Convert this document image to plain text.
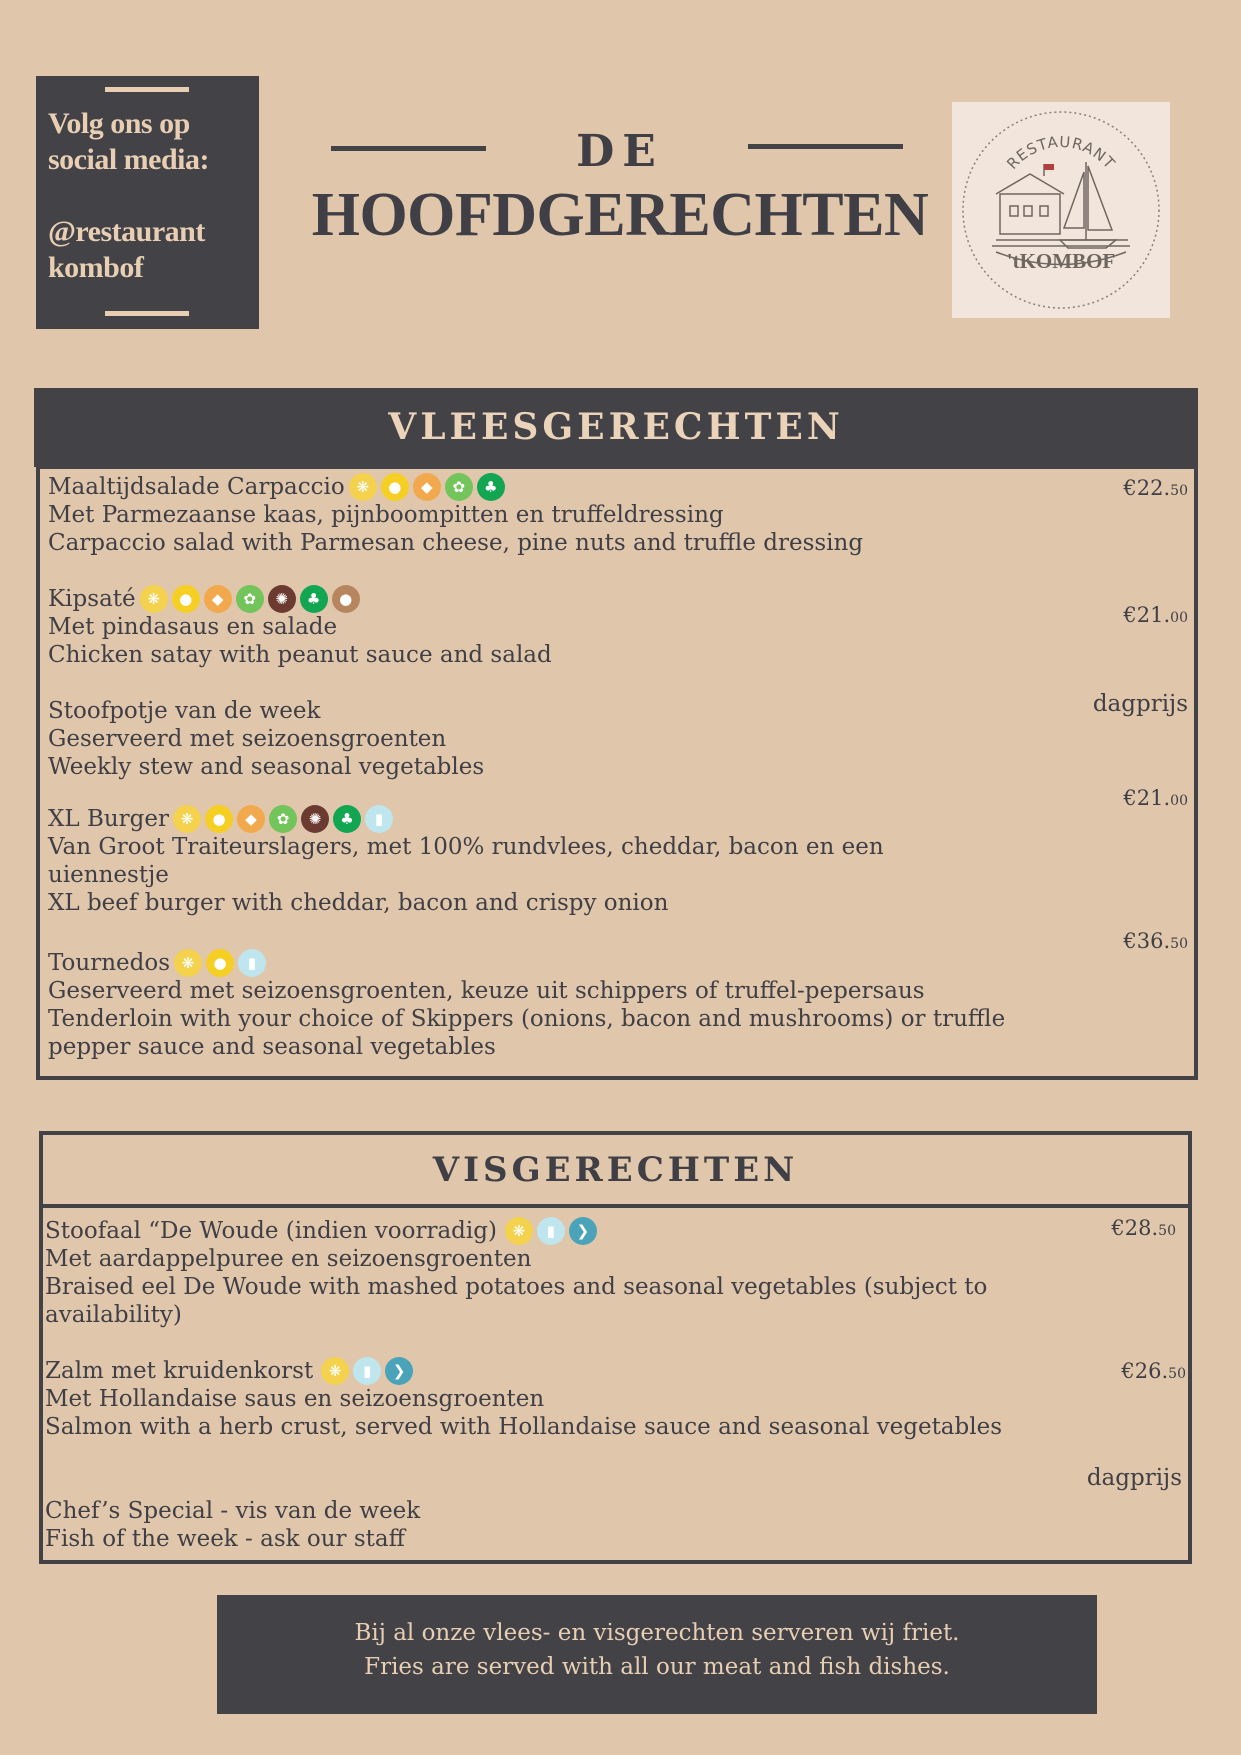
Volg ons op
social media:
@restaurant
kombof
DE
HOOFDGERECHTEN
RESTAURANT
'tKOMBOF
VLEESGERECHTEN
Maaltijdsalade Carpaccio ❋	●	◆	✿	♣
Met Parmezaanse kaas, pijnboompitten en truffeldressing
Carpaccio salad with Parmesan cheese, pine nuts and truffle dressing
€22.50
Kipsaté ❋	●	◆	✿	✺	♣	●
Met pindasaus en salade
Chicken satay with peanut sauce and salad
€21.00
Stoofpotje van de week
Geserveerd met seizoensgroenten
Weekly stew and seasonal vegetables
dagprijs
XL Burger ❋	●	◆	✿	✺	♣	▮
Van Groot Traiteurslagers, met 100% rundvlees, cheddar, bacon en een uiennestje
XL beef burger with cheddar, bacon and crispy onion
€21.00
Tournedos ❋	●	▮
Geserveerd met seizoensgroenten, keuze uit schippers of truffel-pepersaus
Tenderloin with your choice of Skippers (onions, bacon and mushrooms) or truffle pepper sauce and seasonal vegetables
€36.50
VISGERECHTEN
Stoofaal “De Woude (indien voorradig)	❋	▮	❯
Met aardappelpuree en seizoensgroenten
Braised eel De Woude with mashed potatoes and seasonal vegetables (subject to availability)
€28.50
Zalm met kruidenkorst	❋	▮	❯
Met Hollandaise saus en seizoensgroenten
Salmon with a herb crust, served with Hollandaise sauce and seasonal vegetables
€26.50
Chef’s Special - vis van de week
Fish of the week - ask our staff
dagprijs
Bij al onze vlees- en visgerechten serveren wij friet.
Fries are served with all our meat and fish dishes.
